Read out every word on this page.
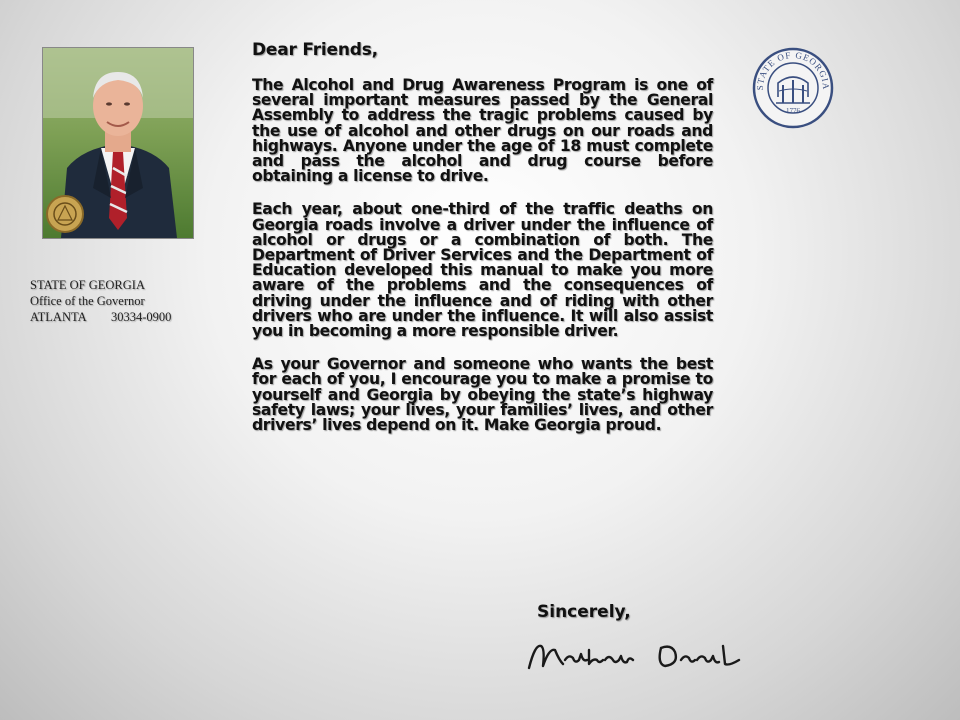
STATE OF GEORGIA
Office of the Governor
ATLANTA        30334-0900
STATE OF GEORGIA
1776
Dear Friends,
The Alcohol and Drug Awareness Program is one of several important measures passed by the General Assembly to address the tragic problems caused by the use of alcohol and other drugs on our roads and highways. Anyone under the age of 18 must complete and pass the alcohol and drug course before obtaining a license to drive.
Each year, about one-third of the traffic deaths on Georgia roads involve a driver under the influence of alcohol or drugs or a combination of both. The Department of Driver Services and the Department of Education developed this manual to make you more aware of the problems and the consequences of driving under the influence and of riding with other drivers who are under the influence. It will also assist you in becoming a more responsible driver.
As your Governor and someone who wants the best for each of you, I encourage you to make a promise to yourself and Georgia by obeying the state’s highway safety laws; your lives, your families’ lives, and other drivers’ lives depend on it. Make Georgia proud.
Sincerely,
